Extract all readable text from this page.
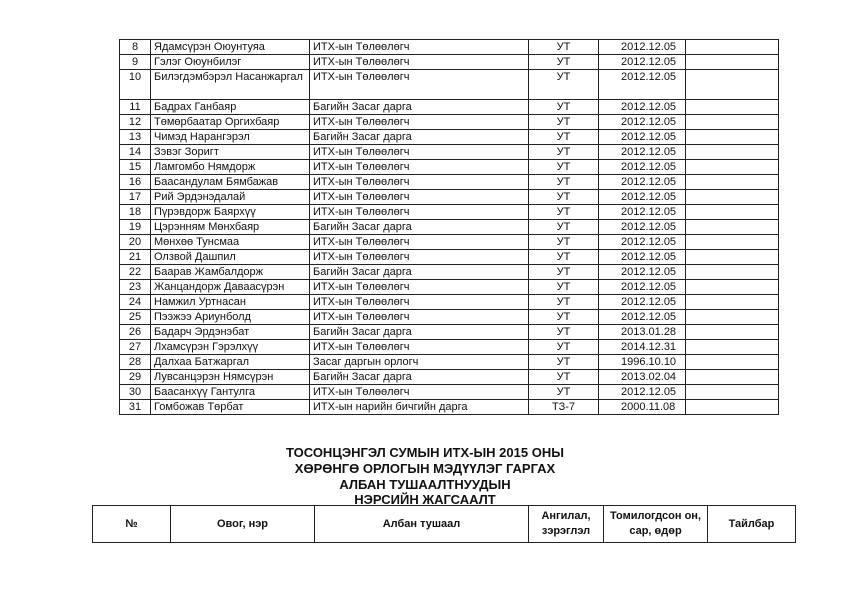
8	Ядамсүрэн Оюунтуяа	ИТХ-ын Төлөөлөгч	УТ	2012.12.05	
9	Гэлэг Оюунбилэг	ИТХ-ын Төлөөлөгч	УТ	2012.12.05	
10	Билэгдэмбэрэл Насанжаргал	ИТХ-ын Төлөөлөгч	УТ	2012.12.05	
11	Бадрах Ганбаяр	Багийн Засаг дарга	УТ	2012.12.05	
12	Төмөрбаатар Оргихбаяр	ИТХ-ын Төлөөлөгч	УТ	2012.12.05	
13	Чимэд Нарангэрэл	Багийн Засаг дарга	УТ	2012.12.05	
14	Зэвэг Зоригт	ИТХ-ын Төлөөлөгч	УТ	2012.12.05	
15	Ламгомбо Нямдорж	ИТХ-ын Төлөөлөгч	УТ	2012.12.05	
16	Баасандулам Бямбажав	ИТХ-ын Төлөөлөгч	УТ	2012.12.05	
17	Рий Эрдэнэдалай	ИТХ-ын Төлөөлөгч	УТ	2012.12.05	
18	Пүрэвдорж Баярхүү	ИТХ-ын Төлөөлөгч	УТ	2012.12.05	
19	Цэрэнням Мөнхбаяр	Багийн Засаг дарга	УТ	2012.12.05	
20	Мөнхөө Тунсмаа	ИТХ-ын Төлөөлөгч	УТ	2012.12.05	
21	Олзвой Дашпил	ИТХ-ын Төлөөлөгч	УТ	2012.12.05	
22	Баарав Жамбалдорж	Багийн Засаг дарга	УТ	2012.12.05	
23	Жанцандорж Даваасүрэн	ИТХ-ын Төлөөлөгч	УТ	2012.12.05	
24	Намжил Уртнасан	ИТХ-ын Төлөөлөгч	УТ	2012.12.05	
25	Пээжээ Ариунболд	ИТХ-ын Төлөөлөгч	УТ	2012.12.05	
26	Бадарч Эрдэнэбат	Багийн Засаг дарга	УТ	2013.01.28	
27	Лхамсүрэн Гэрэлхүү	ИТХ-ын Төлөөлөгч	УТ	2014.12.31	
28	Далхаа Батжаргал	Засаг даргын орлогч	УТ	1996.10.10	
29	Лувсанцэрэн Нямсүрэн	Багийн Засаг дарга	УТ	2013.02.04	
30	Баасанхүү Гантулга	ИТХ-ын Төлөөлөгч	УТ	2012.12.05	
31	Гомбожав Төрбат	ИТХ-ын нарийн бичгийн дарга	ТЗ-7	2000.11.08	
ТОСОНЦЭНГЭЛ СУМЫН ИТХ-ЫН 2015 ОНЫ
ХӨРӨНГӨ ОРЛОГЫН МЭДҮҮЛЭГ ГАРГАХ
АЛБАН ТУШААЛТНУУДЫН
НЭРСИЙН ЖАГСААЛТ
№	Овог, нэр	Албан тушаал	Ангилал, зэрэглэл	Томилогдсон он, сар, өдөр	Тайлбар
